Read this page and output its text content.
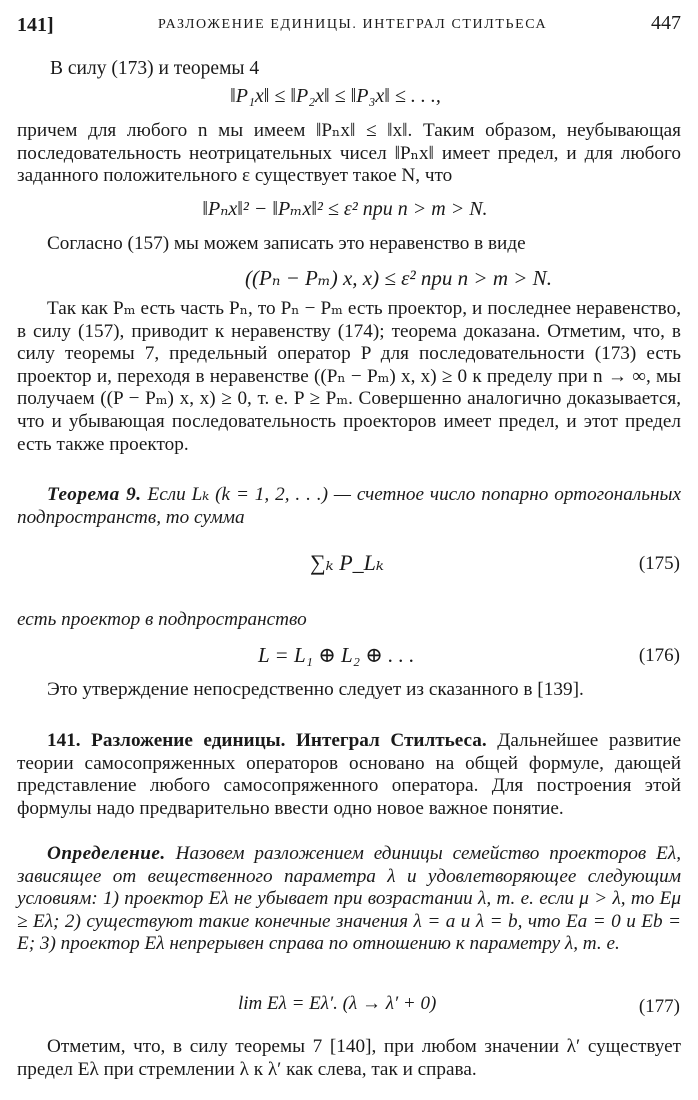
141]	РАЗЛОЖЕНИЕ ЕДИНИЦЫ. ИНТЕГРАЛ СТИЛТЬЕСА	447
В силу (173) и теоремы 4
‖P₁x‖ ≤ ‖P₂x‖ ≤ ‖P₃x‖ ≤ . . .,
причем для любого n мы имеем ‖Pₙx‖ ≤ ‖x‖. Таким образом, неубывающая последовательность неотрицательных чисел ‖Pₙx‖ имеет предел, и для любого заданного положительного ε существует такое N, что
‖Pₙx‖² − ‖Pₘx‖² ≤ ε² при n > m > N.
Согласно (157) мы можем записать это неравенство в виде
((Pₙ − Pₘ) x, x) ≤ ε² при n > m > N.
Так как Pₘ есть часть Pₙ, то Pₙ − Pₘ есть проектор, и последнее неравенство, в силу (157), приводит к неравенству (174); теорема доказана. Отметим, что, в силу теоремы 7, предельный оператор P для последовательности (173) есть проектор и, переходя в неравенстве ((Pₙ − Pₘ) x, x) ≥ 0 к пределу при n → ∞, мы получаем ((P − Pₘ) x, x) ≥ 0, т. е. P ≥ Pₘ. Совершенно аналогично доказывается, что и убывающая последовательность проекторов имеет предел, и этот предел есть также проектор.
Теорема 9. Если Lₖ (k = 1, 2, . . .) — счетное число попарно ортогональных подпространств, то сумма
∑ₖ P_Lₖ	(175)
есть проектор в подпространство
L = L₁ ⊕ L₂ ⊕ . . .	(176)
Это утверждение непосредственно следует из сказанного в [139].
141. Разложение единицы. Интеграл Стилтьеса. Дальнейшее развитие теории самосопряженных операторов основано на общей формуле, дающей представление любого самосопряженного оператора. Для построения этой формулы надо предварительно ввести одно новое важное понятие.
Определение. Назовем разложением единицы семейство проекторов Eλ, зависящее от вещественного параметра λ и удовлетворяющее следующим условиям: 1) проектор Eλ не убывает при возрастании λ, т. е. если μ > λ, то Eμ ≥ Eλ; 2) существуют такие конечные значения λ = a и λ = b, что Ea = 0 и Eb = E; 3) проектор Eλ непрерывен справа по отношению к параметру λ, т. е.
lim Eλ = Eλ′. (λ → λ′ + 0)	(177)
Отметим, что, в силу теоремы 7 [140], при любом значении λ′ существует предел Eλ при стремлении λ к λ′ как слева, так и справа.
